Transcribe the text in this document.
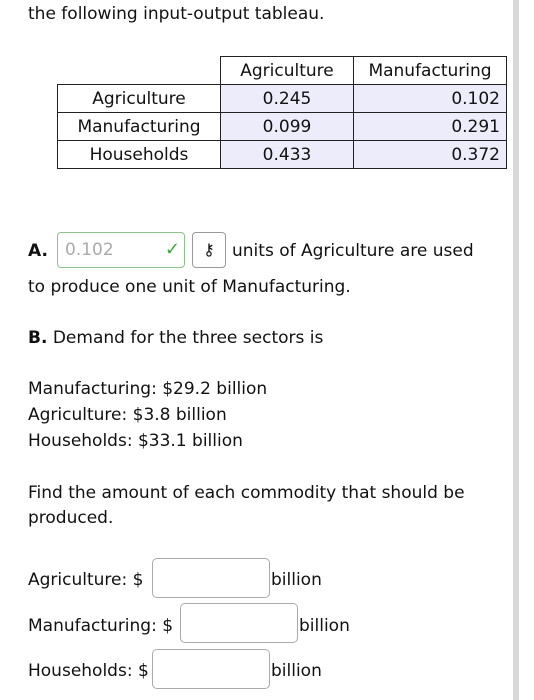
the following input-output tableau.
	Agriculture	Manufacturing
Agriculture	0.245	0.102
Manufacturing	0.099	0.291
Households	0.433	0.372
A.	0.102	✓	⚷	units of Agriculture are used
to produce one unit of Manufacturing.
B. Demand for the three sectors is
Manufacturing: $29.2 billion
Agriculture: $3.8 billion
Households: $33.1 billion
Find the amount of each commodity that should be
produced.
Agriculture: $	billion
Manufacturing: $	billion
Households: $	billion
